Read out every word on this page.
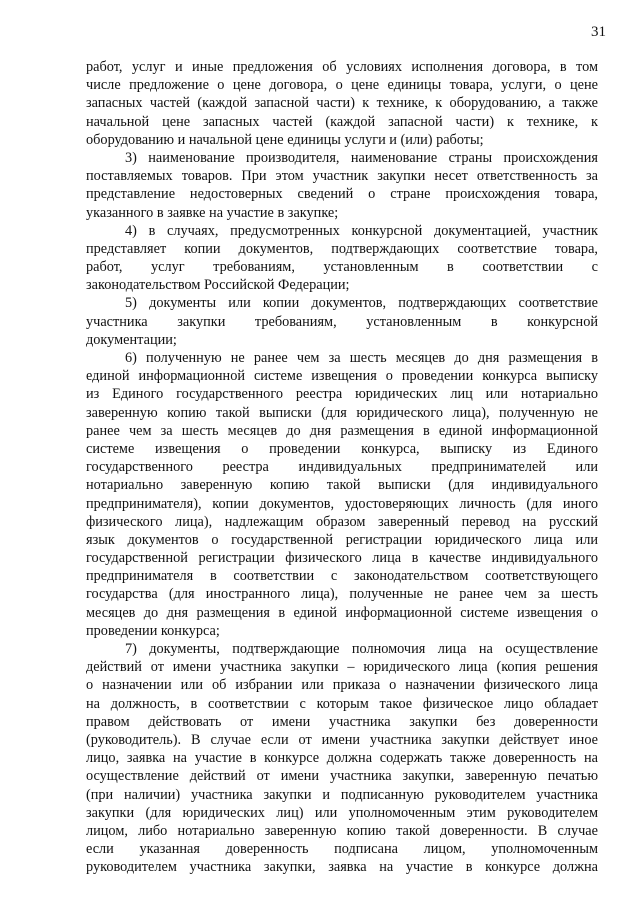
31
работ, услуг и иные предложения об условиях исполнения договора, в том
числе предложение о цене договора, о цене единицы товара, услуги, о цене
запасных частей (каждой запасной части) к технике, к оборудованию, а также
начальной цене запасных частей (каждой запасной части) к технике, к
оборудованию и начальной цене единицы услуги и (или) работы;
3) наименование производителя, наименование страны происхождения
поставляемых товаров. При этом участник закупки несет ответственность за
представление недостоверных сведений о стране происхождения товара,
указанного в заявке на участие в закупке;
4) в случаях, предусмотренных конкурсной документацией, участник
представляет копии документов, подтверждающих соответствие товара,
работ, услуг требованиям, установленным в соответствии с
законодательством Российской Федерации;
5) документы или копии документов, подтверждающих соответствие
участника закупки требованиям, установленным в конкурсной
документации;
6) полученную не ранее чем за шесть месяцев до дня размещения в
единой информационной системе извещения о проведении конкурса выписку
из Единого государственного реестра юридических лиц или нотариально
заверенную копию такой выписки (для юридического лица), полученную не
ранее чем за шесть месяцев до дня размещения в единой информационной
системе извещения о проведении конкурса, выписку из Единого
государственного реестра индивидуальных предпринимателей или
нотариально заверенную копию такой выписки (для индивидуального
предпринимателя), копии документов, удостоверяющих личность (для иного
физического лица), надлежащим образом заверенный перевод на русский
язык документов о государственной регистрации юридического лица или
государственной регистрации физического лица в качестве индивидуального
предпринимателя в соответствии с законодательством соответствующего
государства (для иностранного лица), полученные не ранее чем за шесть
месяцев до дня размещения в единой информационной системе извещения о
проведении конкурса;
7) документы, подтверждающие полномочия лица на осуществление
действий от имени участника закупки – юридического лица (копия решения
о назначении или об избрании или приказа о назначении физического лица
на должность, в соответствии с которым такое физическое лицо обладает
правом действовать от имени участника закупки без доверенности
(руководитель). В случае если от имени участника закупки действует иное
лицо, заявка на участие в конкурсе должна содержать также доверенность на
осуществление действий от имени участника закупки, заверенную печатью
(при наличии) участника закупки и подписанную руководителем участника
закупки (для юридических лиц) или уполномоченным этим руководителем
лицом, либо нотариально заверенную копию такой доверенности. В случае
если указанная доверенность подписана лицом, уполномоченным
руководителем участника закупки, заявка на участие в конкурсе должна
